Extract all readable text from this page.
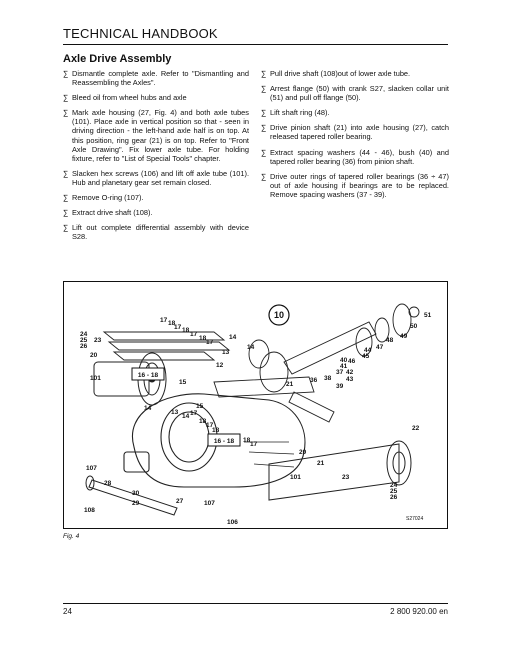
TECHNICAL HANDBOOK
Axle Drive Assembly

∑ Dismantle complete axle. Refer to "Dismantling and Reassembling the Axles".

∑ Bleed oil from wheel hubs and axle

∑ Mark axle housing (27, Fig. 4) and both axle tubes (101). Place axle in vertical position so that - seen in driving direction - the left-hand axle half is on top. At this position, ring gear (21) is on top. Refer to "Front Axle Drawing". Fix lower axle tube. For holding fixture, refer to "List of Special Tools" chapter.

∑ Slacken hex screws (106) and lift off axle tube (101). Hub and planetary gear set remain closed.

∑ Remove O-ring (107).

∑ Extract drive shaft (108).

∑ Lift out complete differential assembly with device S28.

∑ Pull drive shaft (108)out of lower axle tube.

∑ Arrest flange (50) with crank S27, slacken collar unit (51) and pull off flange (50).

∑ Lift shaft ring (48).

∑ Drive pinion shaft (21) into axle housing (27), catch released tapered roller bearing.

∑ Extract spacing washers (44 - 46), bush (40) and tapered roller bearing (36) from pinion shaft.

∑ Drive outer rings of tapered roller bearings (36 ÷ 47) out of axle housing if bearings are to be replaced. Remove spacing washers (37 - 39).

10
17 18
17 18
17
24
25
26
23	18
17
14
20	13
14
12
101	16 - 18
15	21
14
13
15
14 17
18
17
18
16 - 18 18
17
36 38
37 42
39
43
40
41
46
44
45
47
48
49
50
51
22
20
107
28
30
29	27	107
108
106
101
21
23
24
25
26
S27024
Fig. 4
24	2 800 920.00 en
